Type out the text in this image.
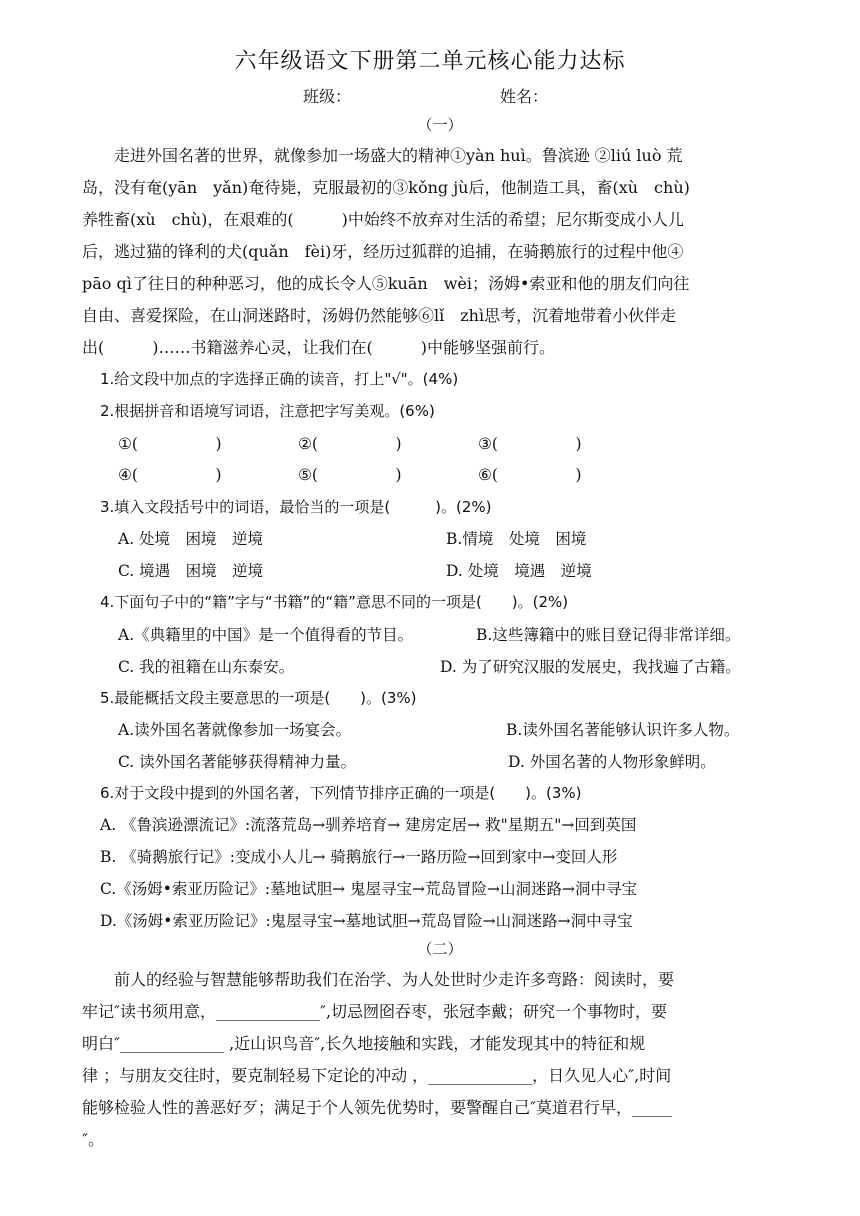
六年级语文下册第二单元核心能力达标
班级：	姓名：
（一）

　　走进外国名著的世界，就像参加一场盛大的精神①yàn huì。鲁滨逊 ②liú luò 荒

岛，没有奄(yān　yǎn)奄待毙，克服最初的③kǒng jù后，他制造工具，畜(xù　chù)

养牲畜(xù　chù)，在艰难的(　　　)中始终不放弃对生活的希望；尼尔斯变成小人儿

后，逃过猫的锋利的犬(quǎn　fèi)牙，经历过狐群的追捕，在骑鹅旅行的过程中他④

pāo qì了往日的种种恶习，他的成长令人⑤kuān　wèi；汤姆•索亚和他的朋友们向往

自由、喜爱探险，在山洞迷路时，汤姆仍然能够⑥lǐ　zhì思考，沉着地带着小伙伴走

出(　　　)……书籍滋养心灵，让我们在(　　　)中能够坚强前行。

1.给文段中加点的字选择正确的读音，打上"√"。(4%)
2.根据拼音和语境写词语，注意把字写美观。(6%)
①(　　　　　)	②(　　　　　)	③(　　　　　)
④(　　　　　)	⑤(　　　　　)	⑥(　　　　　)
3.填入文段括号中的词语，最恰当的一项是(　　　)。(2%)
A. 处境　困境　逆境	B.情境　处境　困境
C. 境遇　困境　逆境	D. 处境　境遇　逆境
4.下面句子中的“籍”字与“书籍”的“籍”意思不同的一项是(　　)。(2%)
A.《典籍里的中国》是一个值得看的节目。	B.这些簿籍中的账目登记得非常详细。
C. 我的祖籍在山东泰安。	D. 为了研究汉服的发展史，我找遍了古籍。
5.最能概括文段主要意思的一项是(　　)。(3%)
A.读外国名著就像参加一场宴会。	B.读外国名著能够认识许多人物。
C. 读外国名著能够获得精神力量。	D. 外国名著的人物形象鲜明。
6.对于文段中提到的外国名著，下列情节排序正确的一项是(　　)。(3%)
A. 《鲁滨逊漂流记》:流落荒岛→驯养培育→ 建房定居→ 救"星期五"→回到英国
B. 《骑鹅旅行记》:变成小人儿→ 骑鹅旅行→一路历险→回到家中→变回人形
C.《汤姆•索亚历险记》:墓地试胆→ 鬼屋寻宝→荒岛冒险→山洞迷路→洞中寻宝
D.《汤姆•索亚历险记》:鬼屋寻宝→墓地试胆→荒岛冒险→山洞迷路→洞中寻宝
（二）

　　前人的经验与智慧能够帮助我们在治学、为人处世时少走许多弯路：阅读时，要

牢记″读书须用意，_____________″,切忌囫囵吞枣，张冠李戴；研究一个事物时，要

明白″_____________ ,近山识鸟音″,长久地接触和实践，才能发现其中的特征和规

律 ；与朋友交往时，要克制轻易下定论的冲动 ，_____________，日久见人心″,时间

能够检验人性的善恶好歹；满足于个人领先优势时，要警醒自己″莫道君行早，_____

″。
